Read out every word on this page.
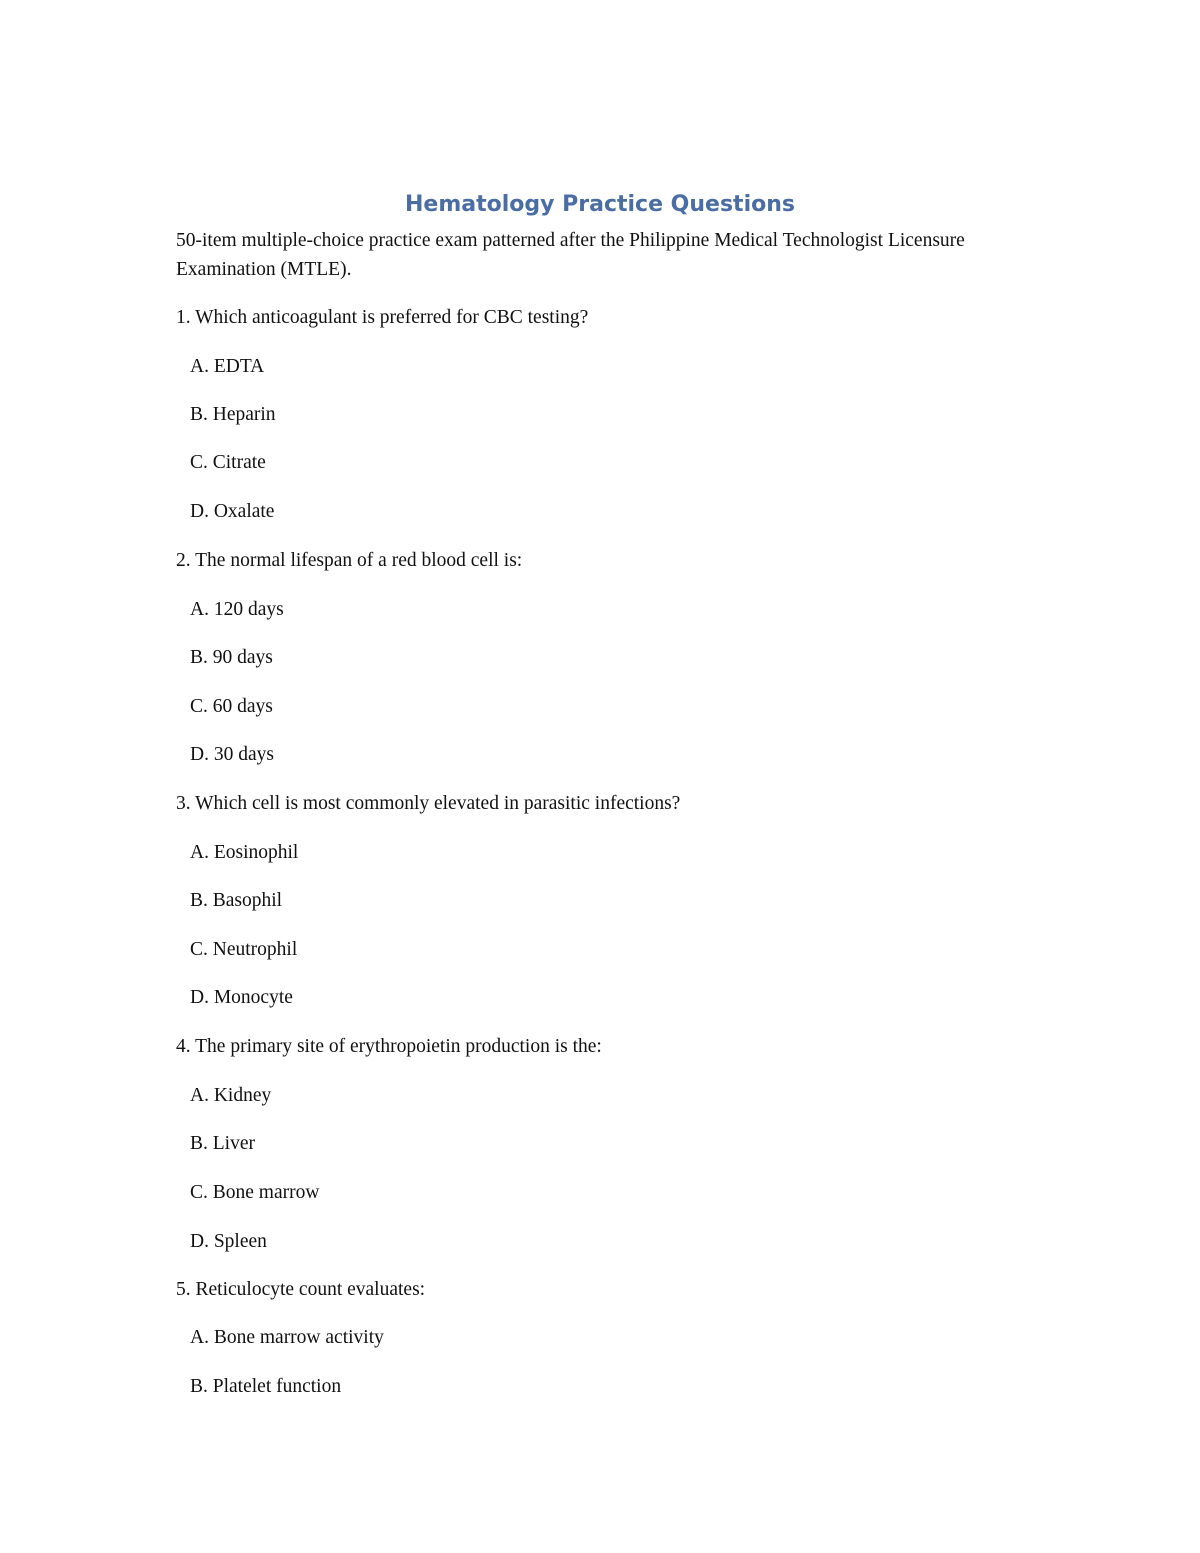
Hematology Practice Questions

50-item multiple-choice practice exam patterned after the Philippine Medical Technologist Licensure Examination (MTLE).

1. Which anticoagulant is preferred for CBC testing?
A. EDTA
B. Heparin
C. Citrate
D. Oxalate
2. The normal lifespan of a red blood cell is:
A. 120 days
B. 90 days
C. 60 days
D. 30 days
3. Which cell is most commonly elevated in parasitic infections?
A. Eosinophil
B. Basophil
C. Neutrophil
D. Monocyte
4. The primary site of erythropoietin production is the:
A. Kidney
B. Liver
C. Bone marrow
D. Spleen
5. Reticulocyte count evaluates:
A. Bone marrow activity
B. Platelet function
